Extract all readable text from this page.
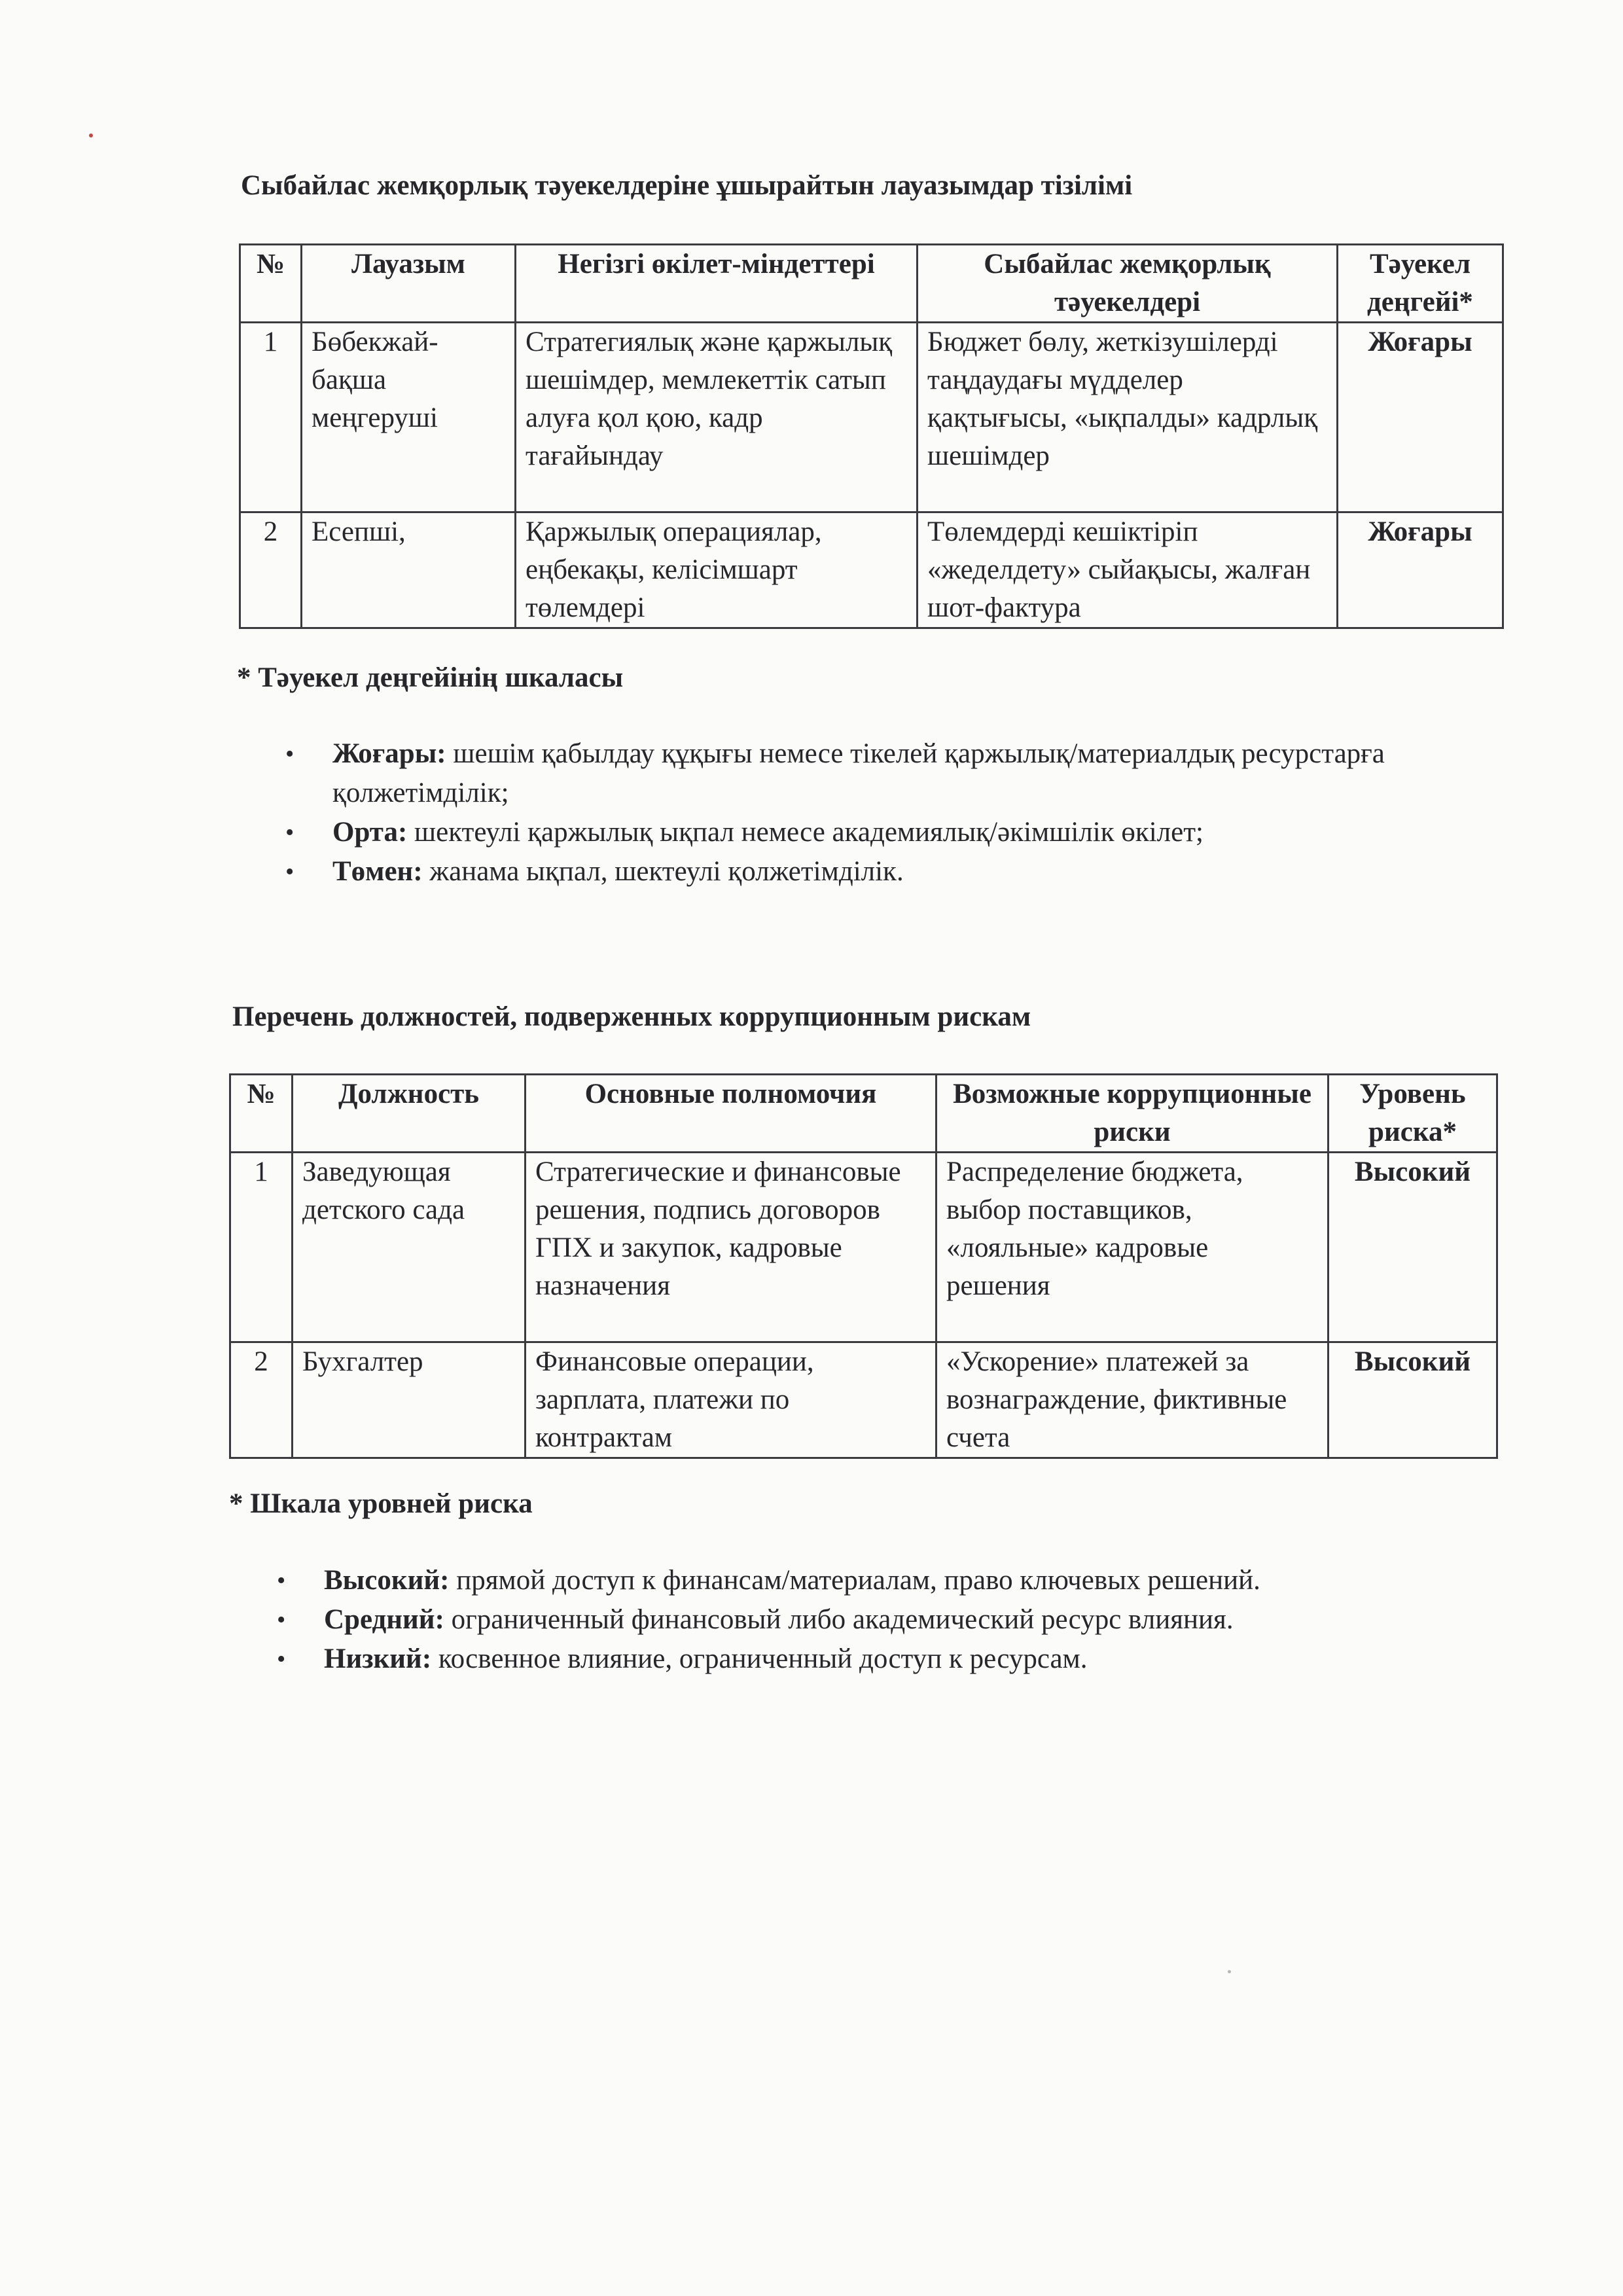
Сыбайлас жемқорлық тәуекелдеріне ұшырайтын лауазымдар тізілімі
№	Лауазым	Негізгі өкілет-міндеттері	Сыбайлас жемқорлық тәуекелдері	Тәуекел деңгейі*
1	Бөбекжай-бақша меңгеруші	Стратегиялық және қаржылық шешімдер, мемлекеттік сатып алуға қол қою, кадр тағайындау	Бюджет бөлу, жеткізушілерді таңдаудағы мүдделер қақтығысы, «ықпалды» кадрлық шешімдер	Жоғары
2	Есепші,	Қаржылық операциялар, еңбекақы, келісімшарт төлемдері	Төлемдерді кешіктіріп «жеделдету» сыйақысы, жалған шот-фактура	Жоғары
* Тәуекел деңгейінің шкаласы
• Жоғары: шешім қабылдау құқығы немесе тікелей қаржылық/материалдық ресурстарға қолжетімділік;
• Орта: шектеулі қаржылық ықпал немесе академиялық/әкімшілік өкілет;
• Төмен: жанама ықпал, шектеулі қолжетімділік.
Перечень должностей, подверженных коррупционным рискам
№	Должность	Основные полномочия	Возможные коррупционные риски	Уровень риска*
1	Заведующая детского сада	Стратегические и финансовые решения, подпись договоров ГПХ и закупок, кадровые назначения	Распределение бюджета, выбор поставщиков, «лояльные» кадровые решения	Высокий
2	Бухгалтер	Финансовые операции, зарплата, платежи по контрактам	«Ускорение» платежей за вознаграждение, фиктивные счета	Высокий
* Шкала уровней риска
• Высокий: прямой доступ к финансам/материалам, право ключевых решений.
• Средний: ограниченный финансовый либо академический ресурс влияния.
• Низкий: косвенное влияние, ограниченный доступ к ресурсам.
